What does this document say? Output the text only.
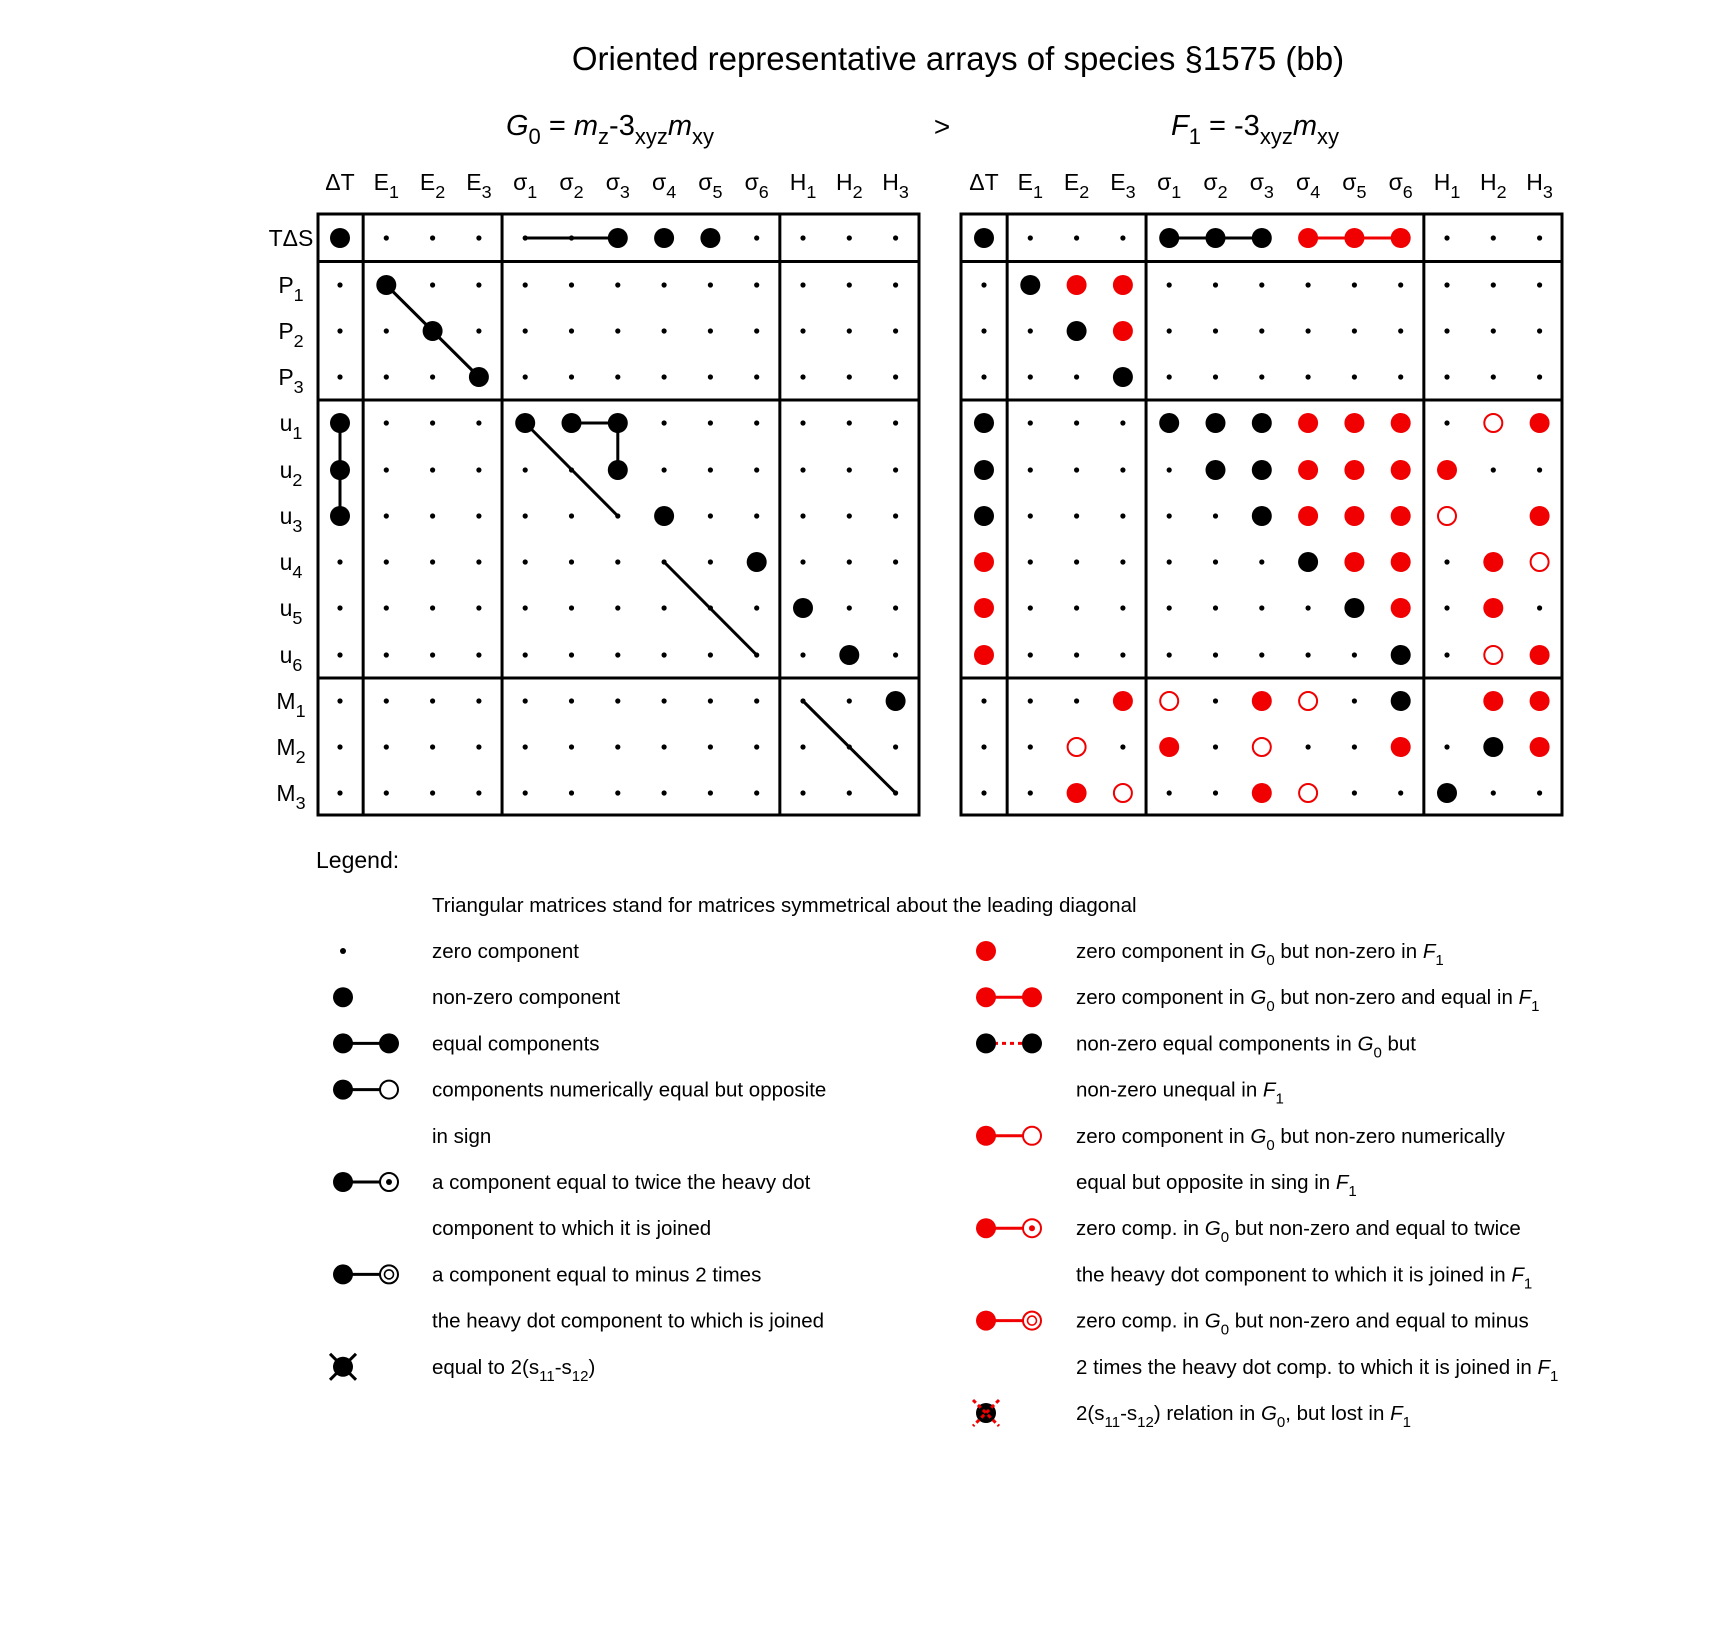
Oriented representative arrays of species §1575 (bb)
>
$G_0 = m_z-3_{xyz}m_{xy}$
ΔT $E_1$ $E_2$ $E_3$ $\sigma_1$ $\sigma_2$ $\sigma_3$ $\sigma_4$ $\sigma_5$ $\sigma_6$ $H_1$ $H_2$ $H_3$
TΔS
$P_1$
$P_2$
$P_3$
$u_1$
$u_2$
$u_3$
$u_4$
$u_5$
$u_6$
$M_1$
$M_2$
$M_3$
$F_1 = -3_{xyz}m_{xy}$
ΔT $E_1$ $E_2$ $E_3$ $\sigma_1$ $\sigma_2$ $\sigma_3$ $\sigma_4$ $\sigma_5$ $\sigma_6$ $H_1$ $H_2$ $H_3$
Legend:
Triangular matrices stand for matrices symmetrical about the leading diagonal
zero component
non-zero component
equal components
components numerically equal but opposite
in sign
a component equal to twice the heavy dot
component to which it is joined
a component equal to minus 2 times
the heavy dot component to which is joined
equal to $2(s_{11}-s_{12})$
zero component in $G_0$ but non-zero in $F_1$
zero component in $G_0$ but non-zero and equal in $F_1$
non-zero equal components in $G_0$ but
non-zero unequal in $F_1$
zero component in $G_0$ but non-zero numerically
equal but opposite in sing in $F_1$
zero comp. in $G_0$ but non-zero and equal to twice
the heavy dot component to which it is joined in $F_1$
zero comp. in $G_0$ but non-zero and equal to minus
2 times the heavy dot comp. to which it is joined in $F_1$
$2(s_{11}-s_{12})$ relation in $G_0$, but lost in $F_1$
